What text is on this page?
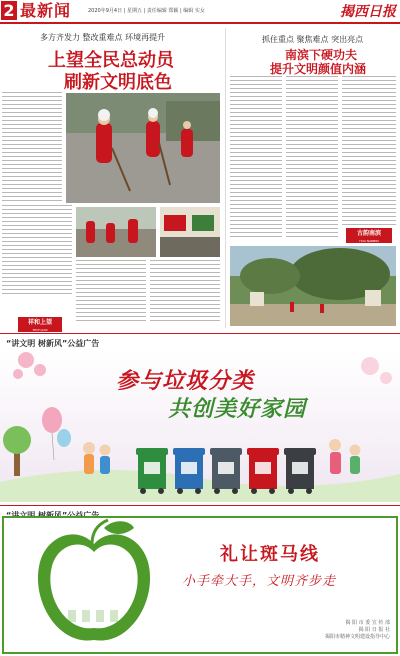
2 最新闻	2020年9月4日 | 星期五 | 责任编辑 郑颖 | 编辑 实女	揭西日报
多方齐发力 整改重难点 环境再提升
上望全民总动员
刷新文明底色
祥和上望
TECH JIAN
抓住重点 聚焦难点 突出亮点
南滨下硬功夫
提升文明颜值内涵
古韵南滨
HUA NANBIN
“讲文明 树新风”公益广告
参与垃圾分类
共创美好家园
礼让斑马线
小手牵大手，文明齐步走
揭 阳 市 委 宣 传 部
揭 阳 日 报 社
揭阳市精神文明建设指导中心
